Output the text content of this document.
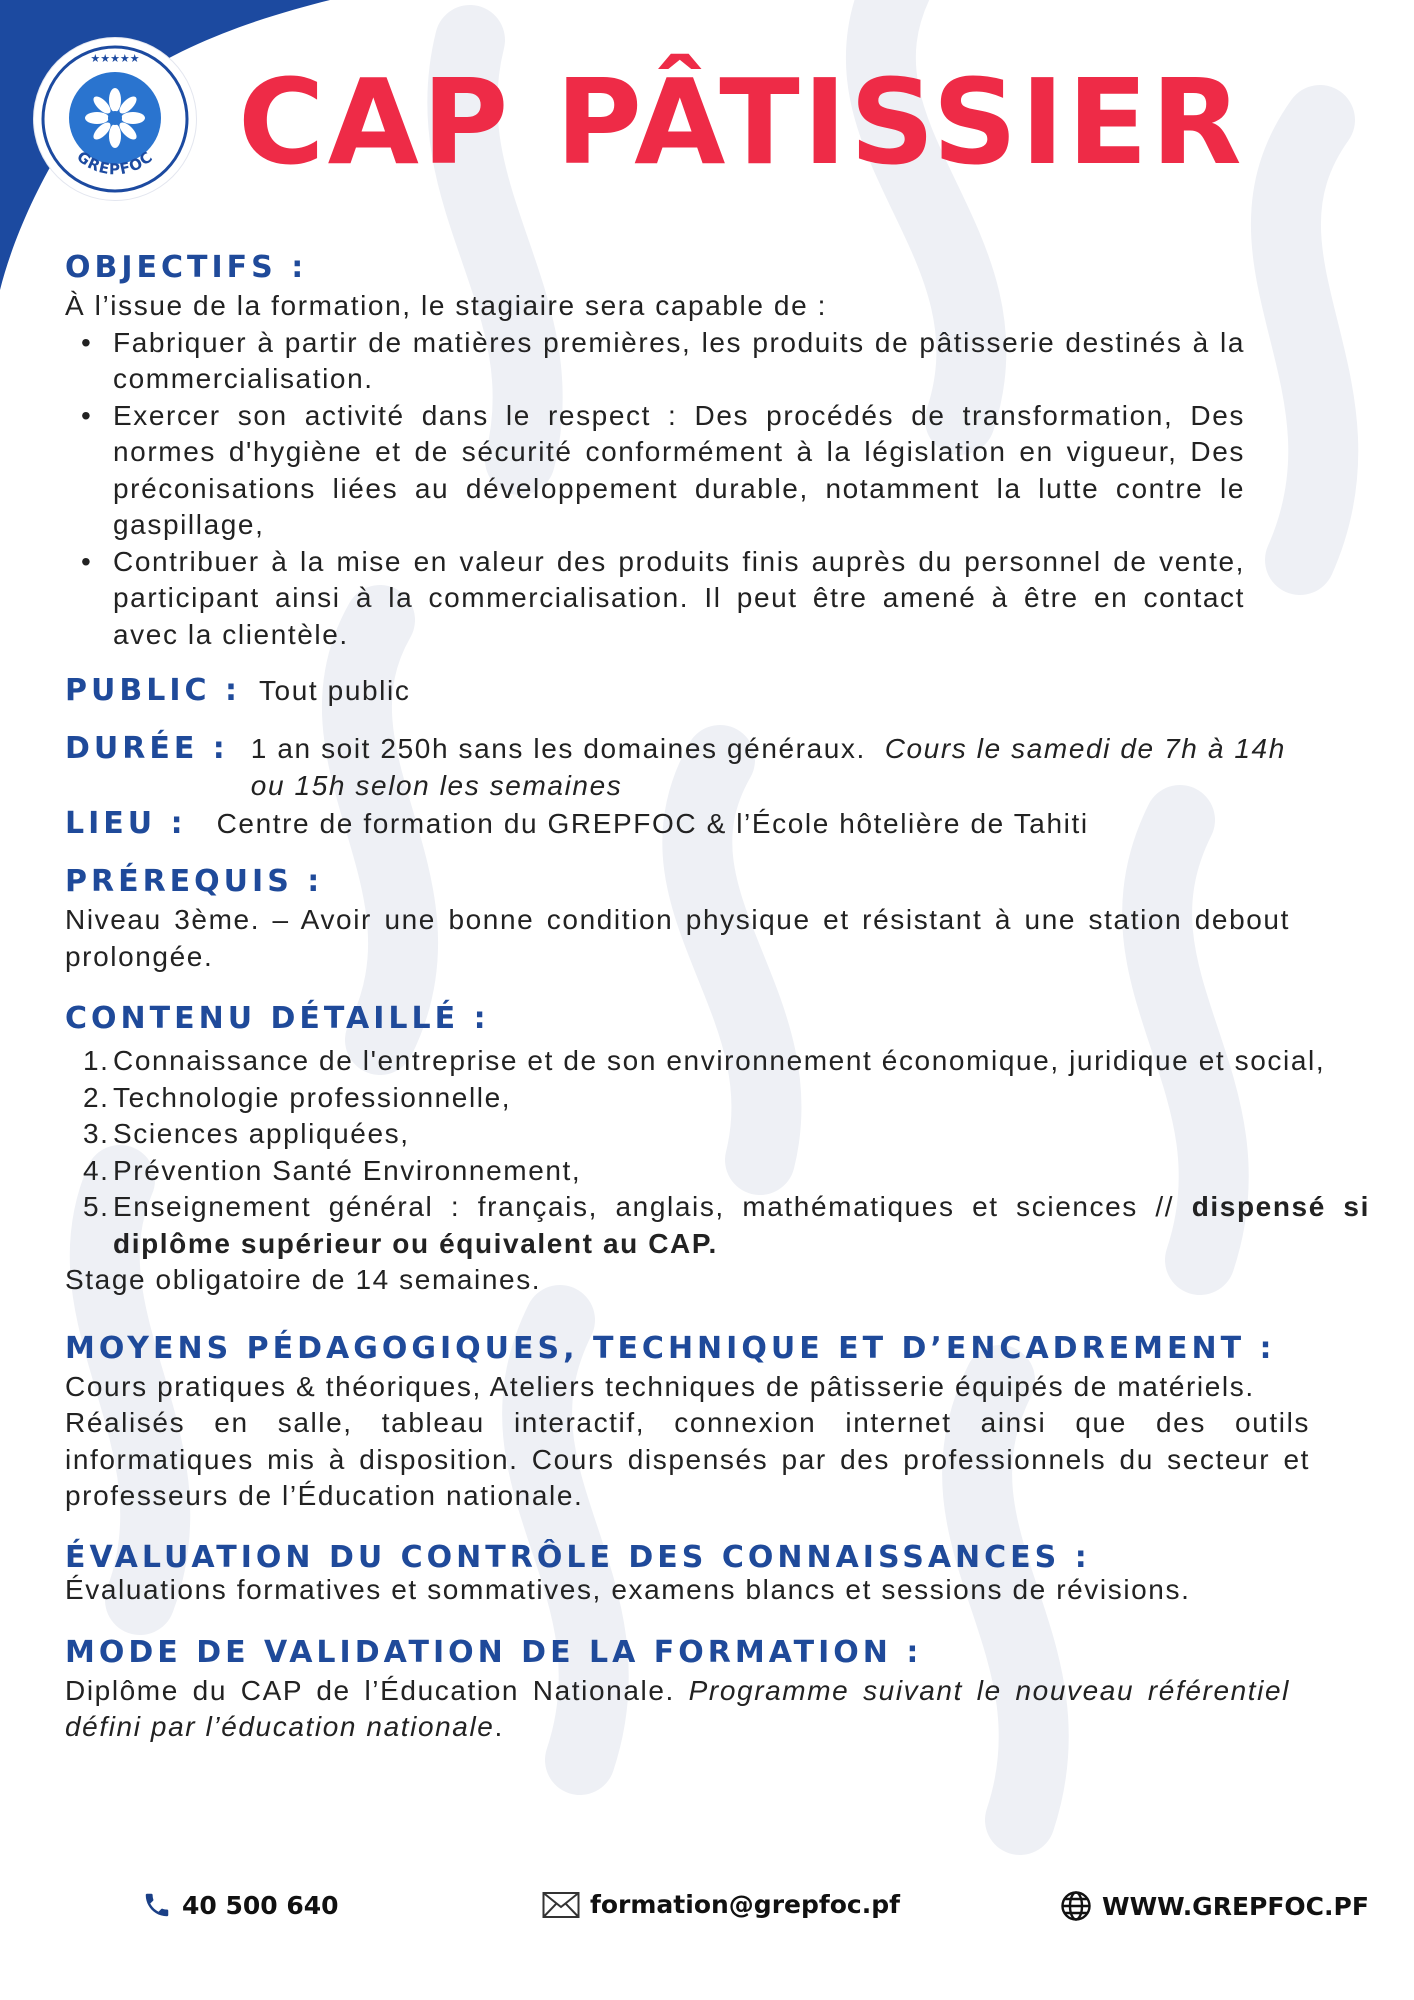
★★★★★
GREPFOC CAP PÂTISSIER
OBJECTIFS :
À l’issue de la formation, le stagiaire sera capable de :
• Fabriquer à partir de matières premières, les produits de pâtisserie destinés à la commercialisation.
• Exercer son activité dans le respect : Des procédés de transformation, Des normes d'hygiène et de sécurité conformément à la législation en vigueur, Des préconisations liées au développement durable, notamment la lutte contre le gaspillage,
• Contribuer à la mise en valeur des produits finis auprès du personnel de vente, participant ainsi à la commercialisation. Il peut être amené à être en contact avec la clientèle.
PUBLIC : Tout public
DURÉE : 1 an soit 250h sans les domaines généraux. Cours le samedi de 7h à 14h ou 15h selon les semaines
LIEU : Centre de formation du GREPFOC & l’École hôtelière de Tahiti
PRÉREQUIS :
Niveau 3ème. – Avoir une bonne condition physique et résistant à une station debout prolongée.
CONTENU DÉTAILLÉ :
1. Connaissance de l'entreprise et de son environnement économique, juridique et social,
2. Technologie professionnelle,
3. Sciences appliquées,
4. Prévention Santé Environnement,
5. Enseignement général : français, anglais, mathématiques et sciences // dispensé si diplôme supérieur ou équivalent au CAP.
Stage obligatoire de 14 semaines.
MOYENS PÉDAGOGIQUES, TECHNIQUE ET D’ENCADREMENT :
Cours pratiques & théoriques, Ateliers techniques de pâtisserie équipés de matériels.
Réalisés en salle, tableau interactif, connexion internet ainsi que des outils informatiques mis à disposition. Cours dispensés par des professionnels du secteur et professeurs de l’Éducation nationale.
ÉVALUATION DU CONTRÔLE DES CONNAISSANCES :
Évaluations formatives et sommatives, examens blancs et sessions de révisions.
MODE DE VALIDATION DE LA FORMATION :
Diplôme du CAP de l’Éducation Nationale. Programme suivant le nouveau référentiel défini par l’éducation nationale.
40 500 640	formation@grepfoc.pf	WWW.GREPFOC.PF
